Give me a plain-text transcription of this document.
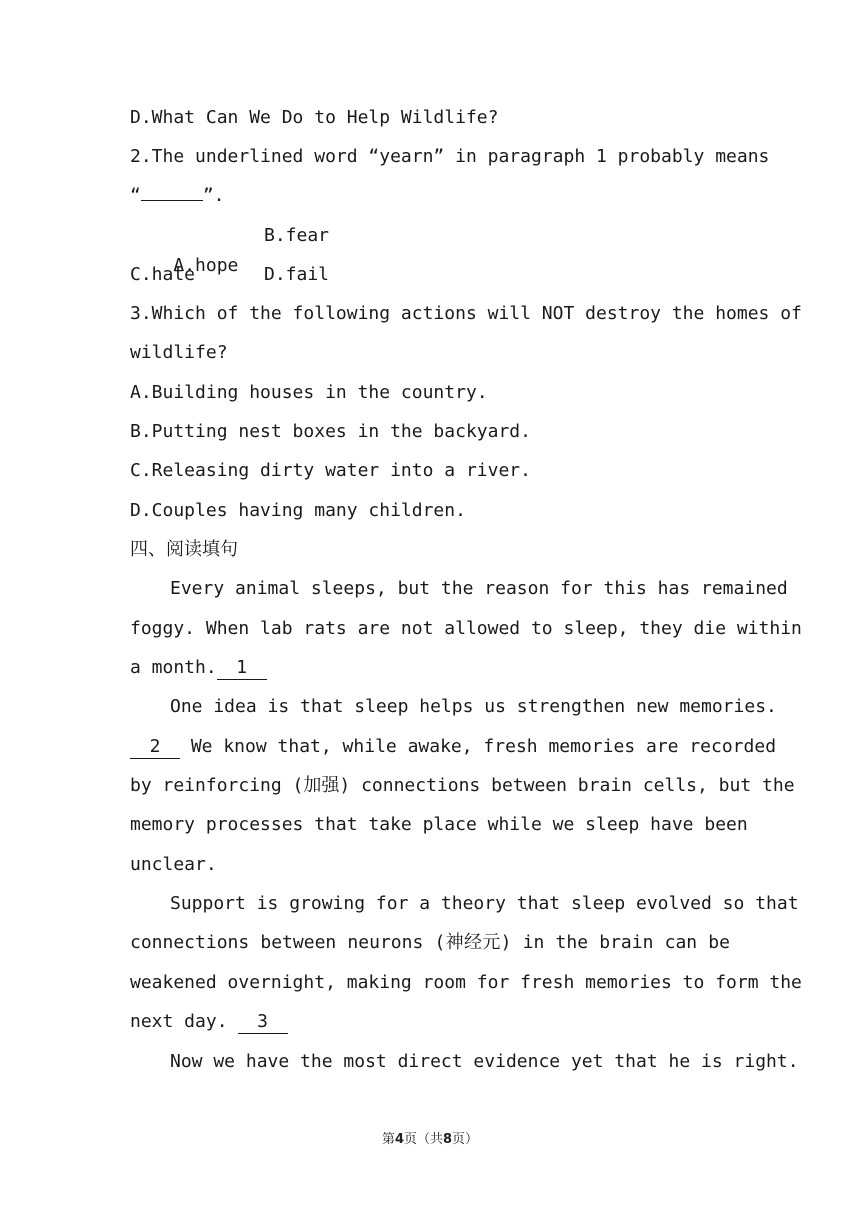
D.What Can We Do to Help Wildlife?
2.The underlined word “yearn” in paragraph 1 probably means
“	”.

A.hope

B.fear
C.hate	D.fail
3.Which of the following actions will NOT destroy the homes of
wildlife?
A.Building houses in the country.
B.Putting nest boxes in the backyard.
C.Releasing dirty water into a river.
D.Couples having many children.
四、阅读填句
Every animal sleeps, but the reason for this has remained
foggy. When lab rats are not allowed to sleep, they die within
a month. 1
One idea is that sleep helps us strengthen new memories.
2 We know that, while awake, fresh memories are recorded
by reinforcing (加强) connections between brain cells, but the
memory processes that take place while we sleep have been
unclear.
Support is growing for a theory that sleep evolved so that
connections between neurons (神经元) in the brain can be
weakened overnight, making room for fresh memories to form the
next day. 3
Now we have the most direct evidence yet that he is right.
第4页（共8页）
